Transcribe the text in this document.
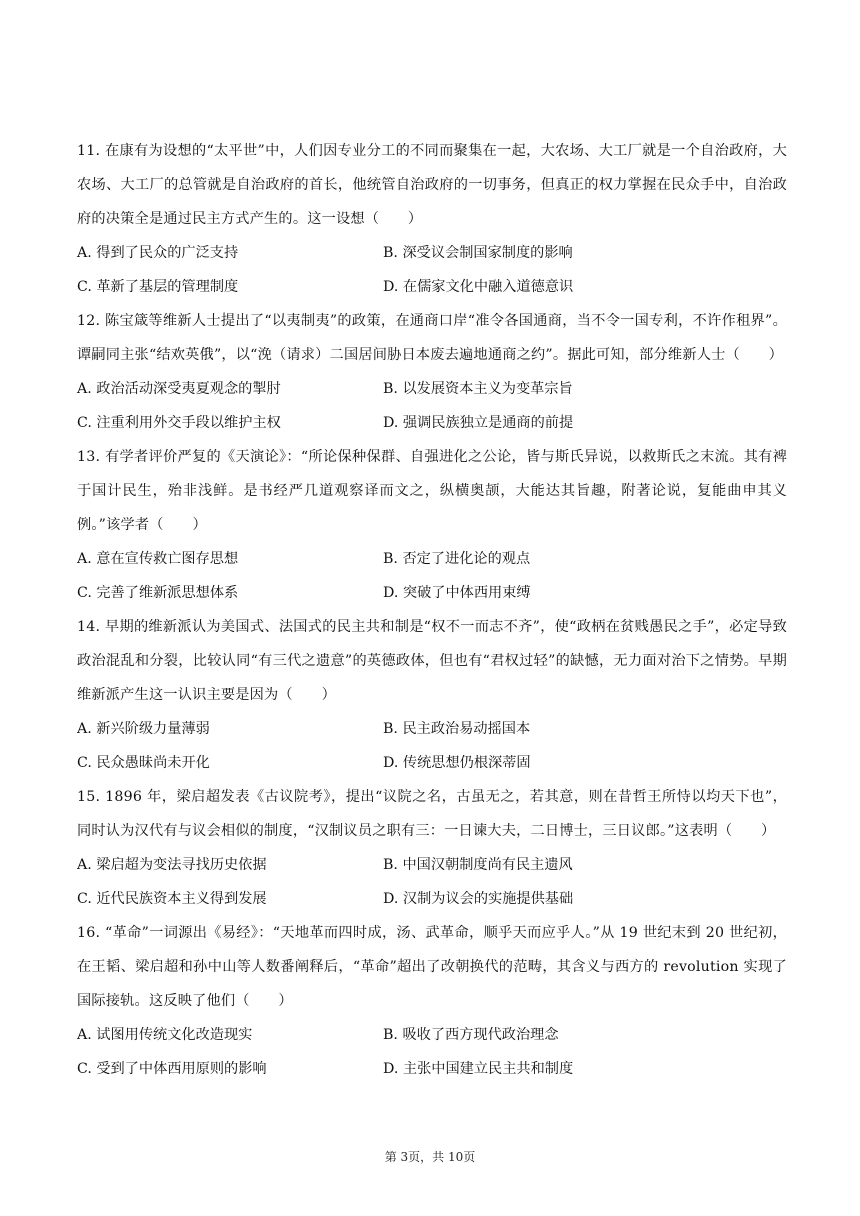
11. 在康有为设想的“太平世”中，人们因专业分工的不同而聚集在一起，大农场、大工厂就是一个自治政府，大农场、大工厂的总管就是自治政府的首长，他统管自治政府的一切事务，但真正的权力掌握在民众手中，自治政府的决策全是通过民主方式产生的。这一设想（　　）

A. 得到了民众的广泛支持	B. 深受议会制国家制度的影响
C. 革新了基层的管理制度	D. 在儒家文化中融入道德意识

12. 陈宝箴等维新人士提出了“以夷制夷”的政策，在通商口岸“准令各国通商，当不令一国专利，不许作租界”。谭嗣同主张“结欢英俄”，以“浼（请求）二国居间胁日本废去遍地通商之约”。据此可知，部分维新人士（　　）

A. 政治活动深受夷夏观念的掣肘	B. 以发展资本主义为变革宗旨
C. 注重利用外交手段以维护主权	D. 强调民族独立是通商的前提

13. 有学者评价严复的《天演论》：“所论保种保群、自强进化之公论，皆与斯氏异说，以救斯氏之末流。其有裨于国计民生，殆非浅鲜。是书经严几道观察译而文之，纵横奥颉，大能达其旨趣，附著论说，复能曲申其义例。”该学者（　　）

A. 意在宣传救亡图存思想	B. 否定了进化论的观点
C. 完善了维新派思想体系	D. 突破了中体西用束缚

14. 早期的维新派认为美国式、法国式的民主共和制是“权不一而志不齐”，使“政柄在贫贱愚民之手”，必定导致政治混乱和分裂，比较认同“有三代之遗意”的英德政体，但也有“君权过轻”的缺憾，无力面对治下之情势。早期维新派产生这一认识主要是因为（　　）

A. 新兴阶级力量薄弱	B. 民主政治易动摇国本
C. 民众愚昧尚未开化	D. 传统思想仍根深蒂固

15. 1896 年，梁启超发表《古议院考》，提出“议院之名，古虽无之，若其意，则在昔哲王所恃以均天下也”，同时认为汉代有与议会相似的制度，“汉制议员之职有三：一日谏大夫，二日博士，三日议郎。”这表明（　　）

A. 梁启超为变法寻找历史依据	B. 中国汉朝制度尚有民主遗风
C. 近代民族资本主义得到发展	D. 汉制为议会的实施提供基础

16. “革命”一词源出《易经》：“天地革而四时成，汤、武革命，顺乎天而应乎人。”从 19 世纪末到 20 世纪初，在王韬、梁启超和孙中山等人数番阐释后，“革命”超出了改朝换代的范畴，其含义与西方的 revolution 实现了国际接轨。这反映了他们（　　）

A. 试图用传统文化改造现实	B. 吸收了西方现代政治理念
C. 受到了中体西用原则的影响	D. 主张中国建立民主共和制度
第 3页，共 10页
